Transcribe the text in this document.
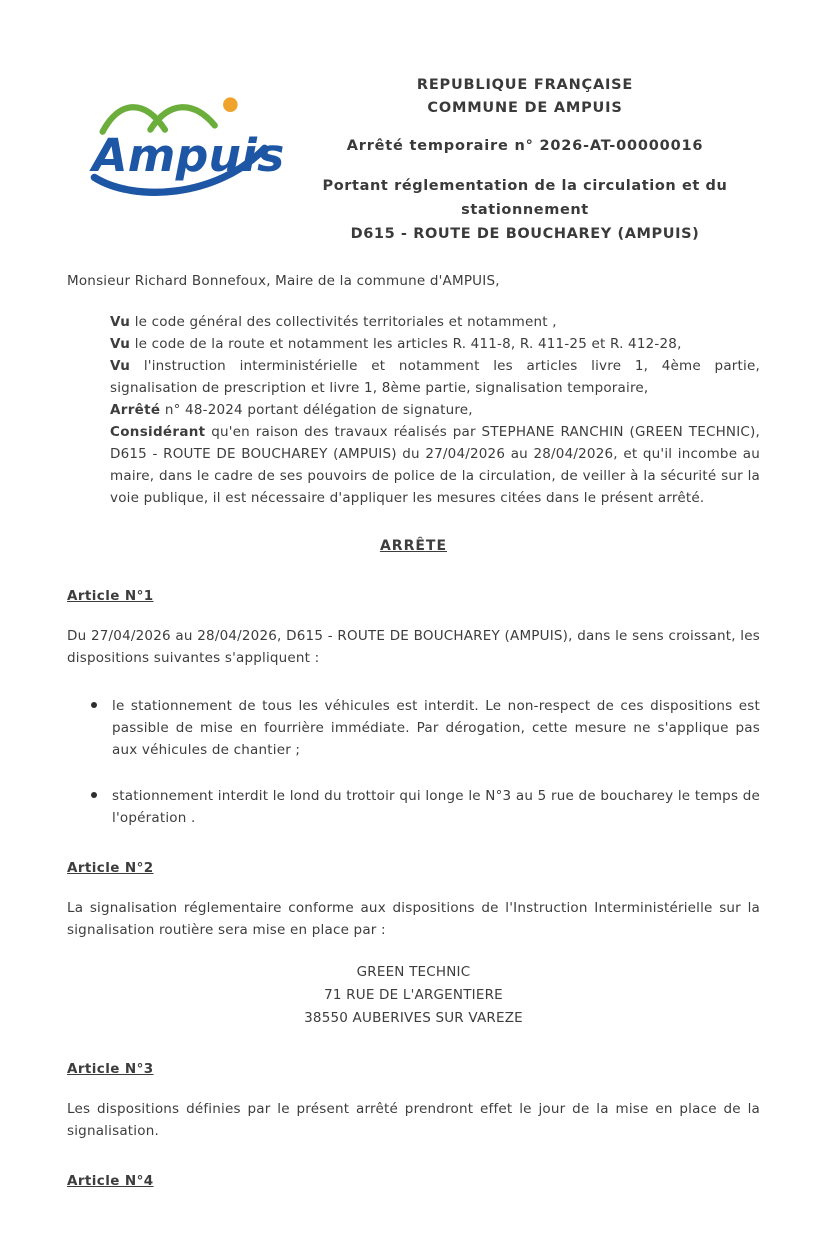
Ampuis
REPUBLIQUE FRANÇAISE
COMMUNE DE AMPUIS
Arrêté temporaire n° 2026-AT-00000016
Portant réglementation de la circulation et du stationnement
D615 - ROUTE DE BOUCHAREY (AMPUIS)

Monsieur Richard Bonnefoux, Maire de la commune d'AMPUIS,

Vu le code général des collectivités territoriales et notamment ,

Vu le code de la route et notamment les articles R. 411-8, R. 411-25 et R. 412-28,

Vu l'instruction interministérielle et notamment les articles livre 1, 4ème partie, signalisation de prescription et livre 1, 8ème partie, signalisation temporaire,

Arrêté n° 48-2024 portant délégation de signature,

Considérant qu'en raison des travaux réalisés par STEPHANE RANCHIN (GREEN TECHNIC), D615 - ROUTE DE BOUCHAREY (AMPUIS) du 27/04/2026 au 28/04/2026, et qu'il incombe au maire, dans le cadre de ses pouvoirs de police de la circulation, de veiller à la sécurité sur la voie publique, il est nécessaire d'appliquer les mesures citées dans le présent arrêté.

ARRÊTE
Article N°1

Du 27/04/2026 au 28/04/2026, D615 - ROUTE DE BOUCHAREY (AMPUIS), dans le sens croissant, les dispositions suivantes s'appliquent :

le stationnement de tous les véhicules est interdit. Le non-respect de ces dispositions est passible de mise en fourrière immédiate. Par dérogation, cette mesure ne s'applique pas aux véhicules de chantier ;
stationnement interdit le lond du trottoir qui longe le N°3 au 5 rue de boucharey le temps de l'opération .
Article N°2

La signalisation réglementaire conforme aux dispositions de l'Instruction Interministérielle sur la signalisation routière sera mise en place par :

GREEN TECHNIC
71 RUE DE L'ARGENTIERE
38550 AUBERIVES SUR VAREZE
Article N°3

Les dispositions définies par le présent arrêté prendront effet le jour de la mise en place de la signalisation.

Article N°4
